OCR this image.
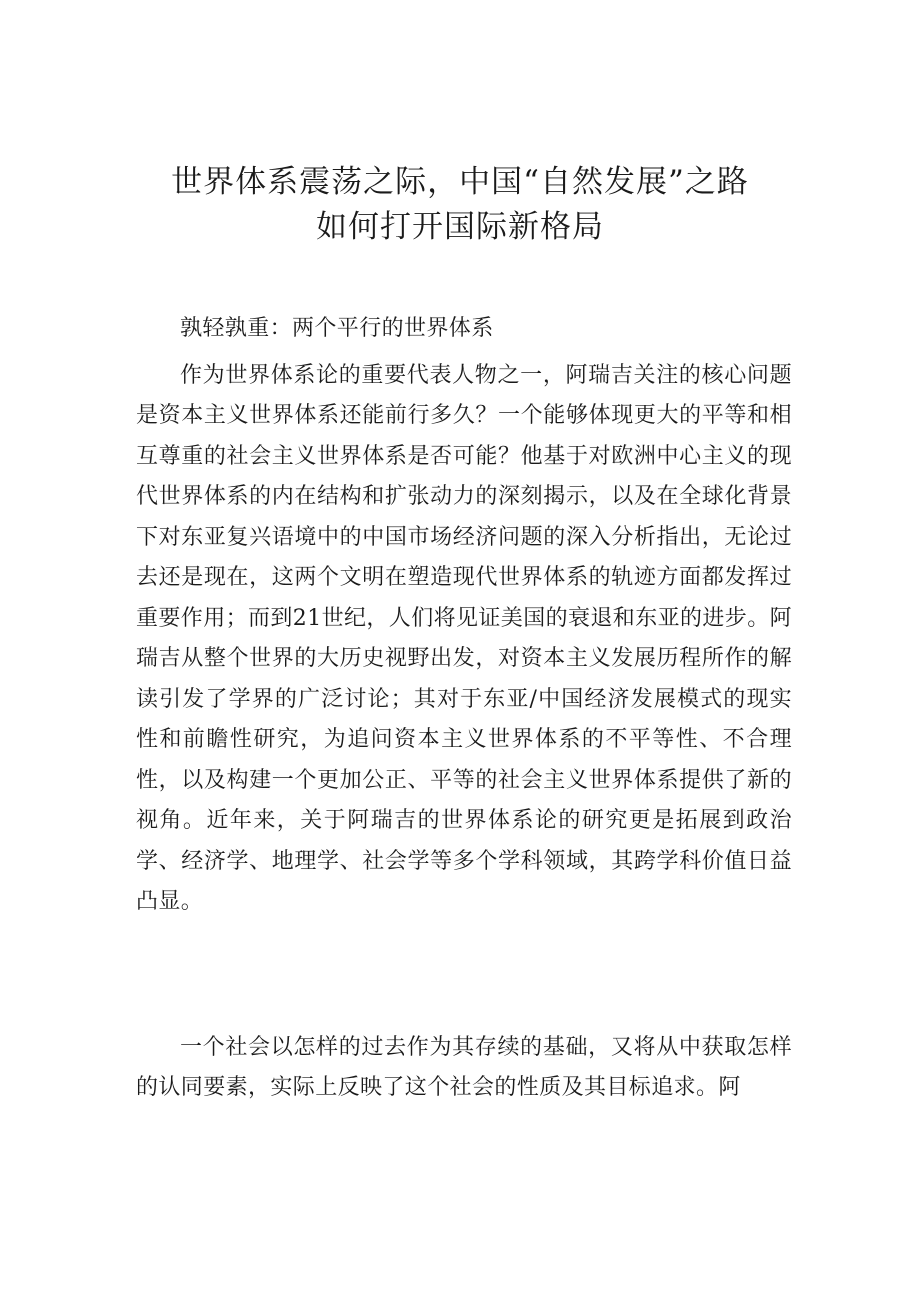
世界体系震荡之际，中国“自然发展”之路
如何打开国际新格局

孰轻孰重：两个平行的世界体系

作为世界体系论的重要代表人物之一，阿瑞吉关注的核心问题是资本主义世界体系还能前行多久？一个能够体现更大的平等和相互尊重的社会主义世界体系是否可能？他基于对欧洲中心主义的现代世界体系的内在结构和扩张动力的深刻揭示，以及在全球化背景下对东亚复兴语境中的中国市场经济问题的深入分析指出，无论过去还是现在，这两个文明在塑造现代世界体系的轨迹方面都发挥过重要作用；而到21世纪，人们将见证美国的衰退和东亚的进步。阿瑞吉从整个世界的大历史视野出发，对资本主义发展历程所作的解读引发了学界的广泛讨论；其对于东亚/中国经济发展模式的现实性和前瞻性研究，为追问资本主义世界体系的不平等性、不合理性，以及构建一个更加公正、平等的社会主义世界体系提供了新的视角。近年来，关于阿瑞吉的世界体系论的研究更是拓展到政治学、经济学、地理学、社会学等多个学科领域，其跨学科价值日益凸显。

一个社会以怎样的过去作为其存续的基础，又将从中获取怎样的认同要素，实际上反映了这个社会的性质及其目标追求。阿
